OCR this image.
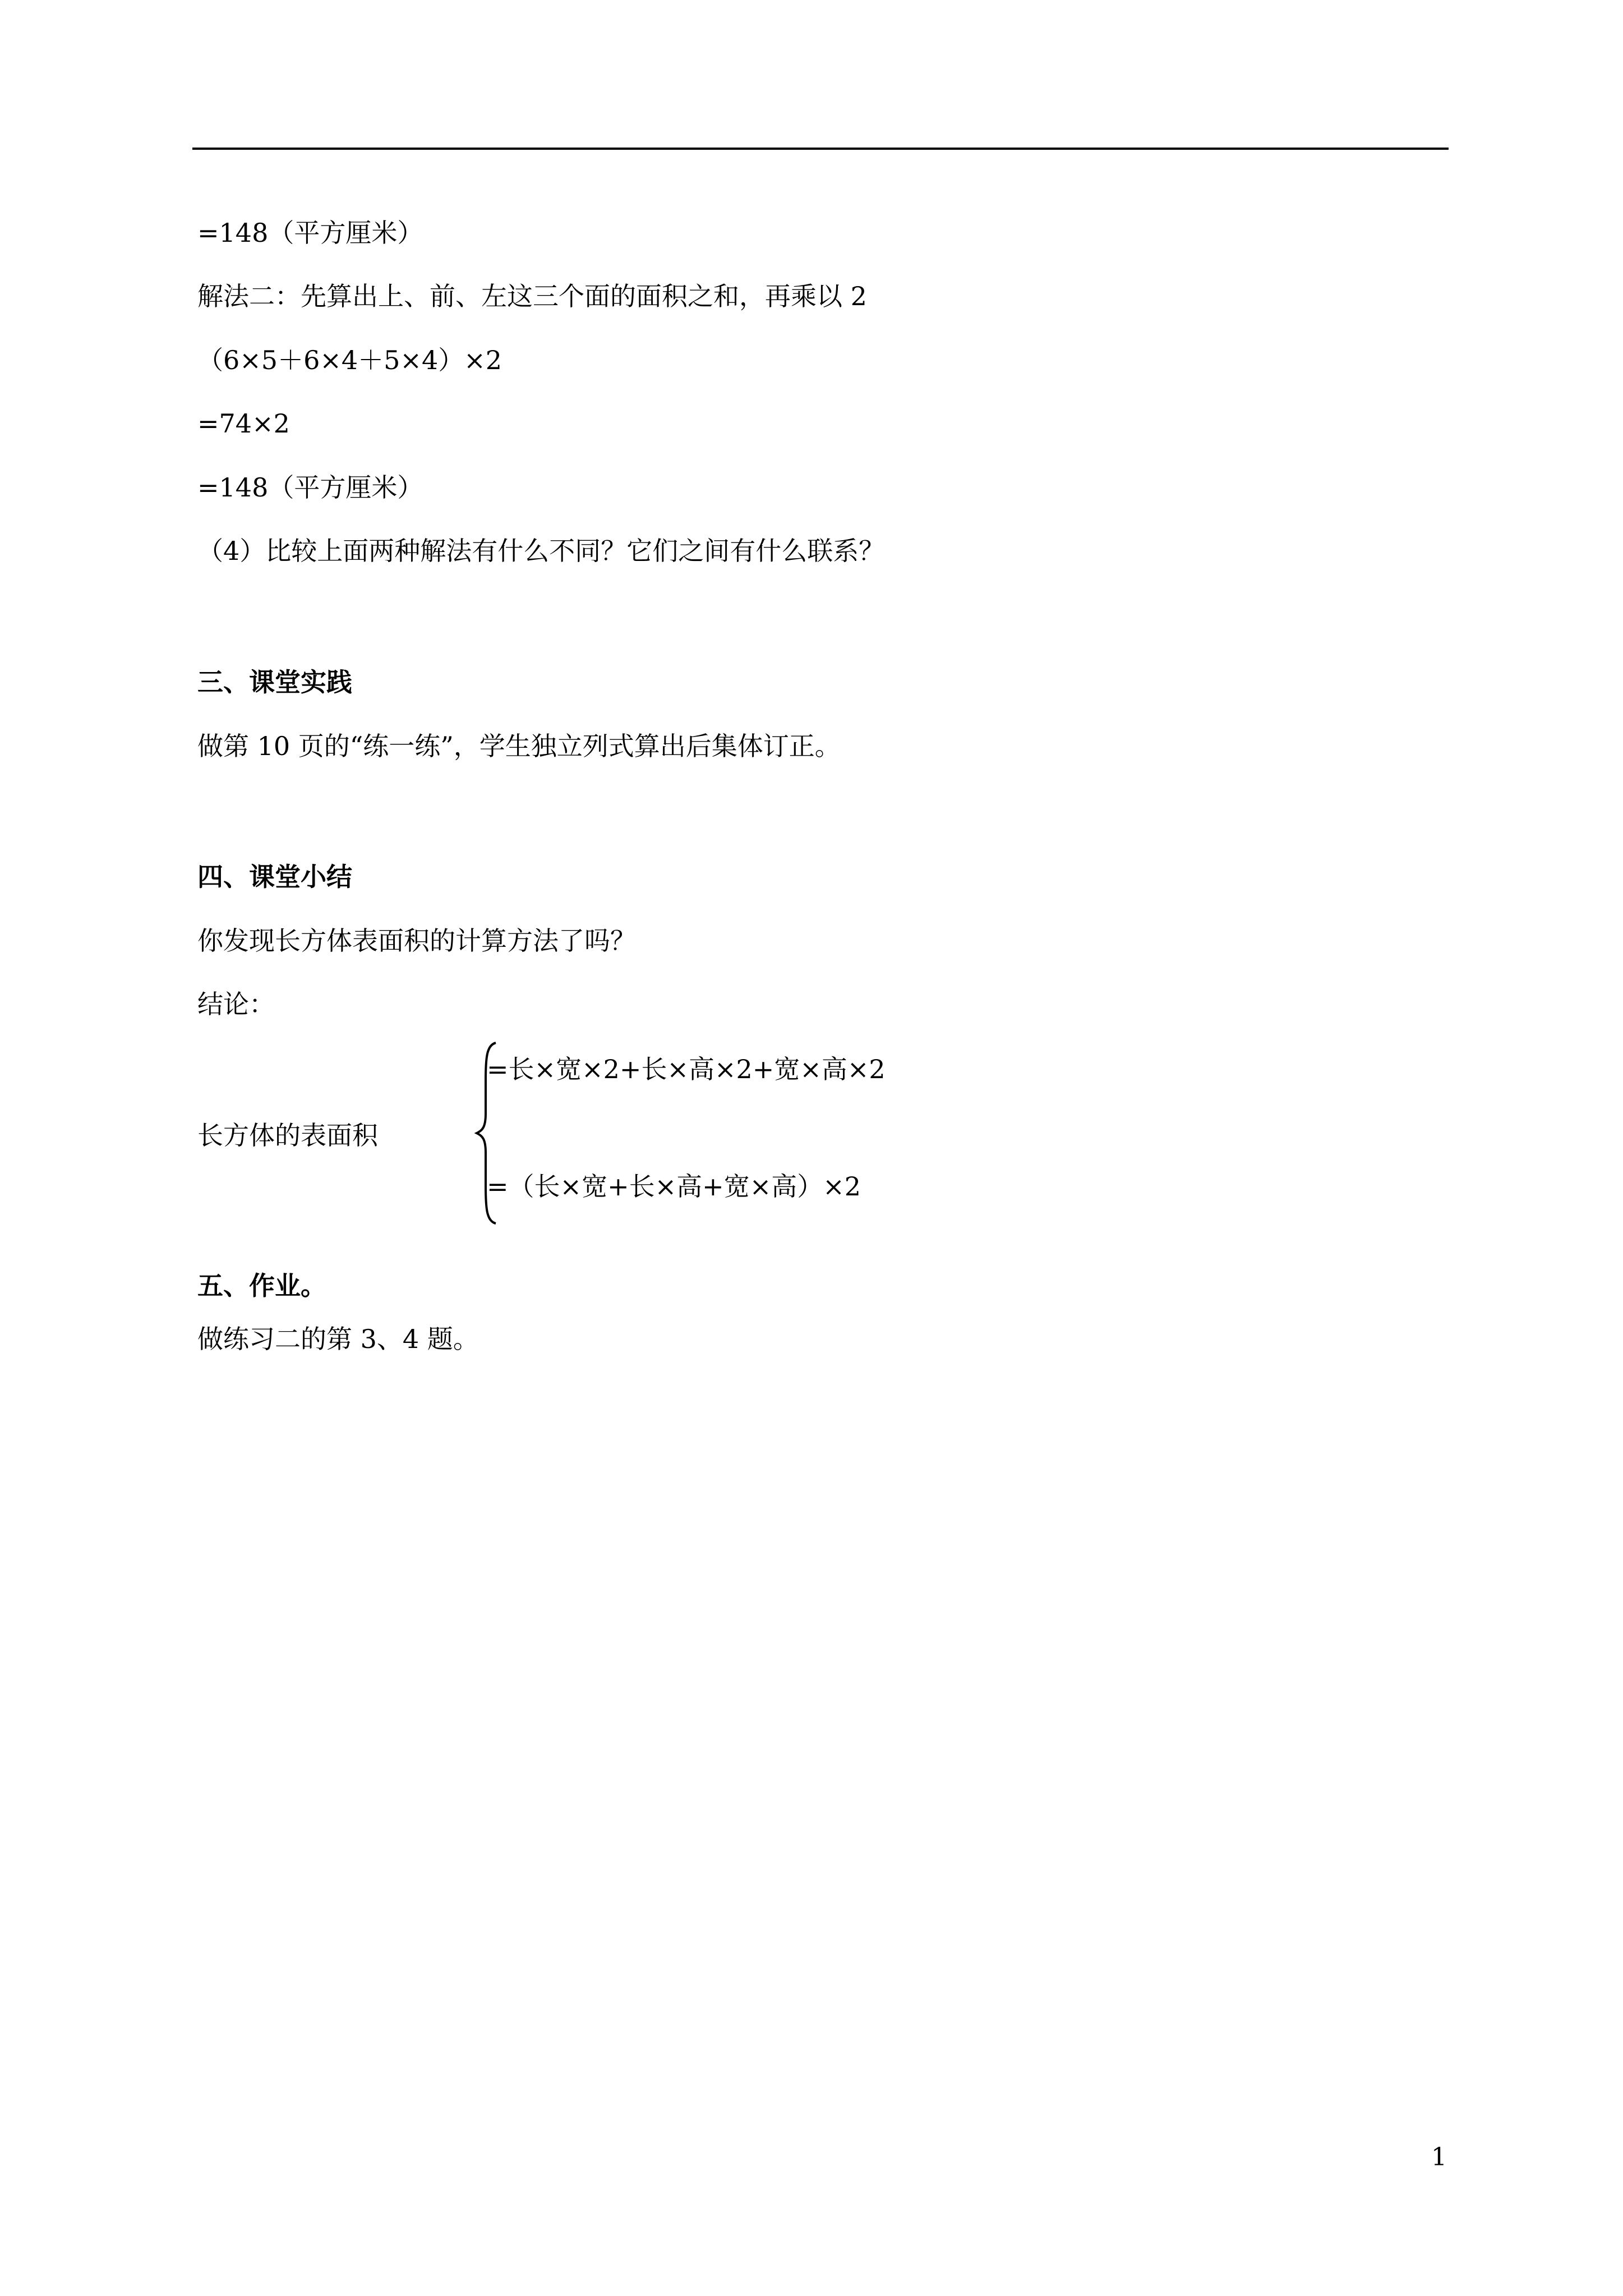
=148（平方厘米）
解法二：先算出上、前、左这三个面的面积之和，再乘以 2
（6×5＋6×4＋5×4）×2
=74×2
=148（平方厘米）
（4）比较上面两种解法有什么不同？它们之间有什么联系？
三、课堂实践
做第 10 页的“练一练”，学生独立列式算出后集体订正。
四、课堂小结
你发现长方体表面积的计算方法了吗？
结论：
=长×宽×2+长×高×2+宽×高×2
长方体的表面积
=（长×宽+长×高+宽×高）×2
五、作业。
做练习二的第 3、4 题。
1
